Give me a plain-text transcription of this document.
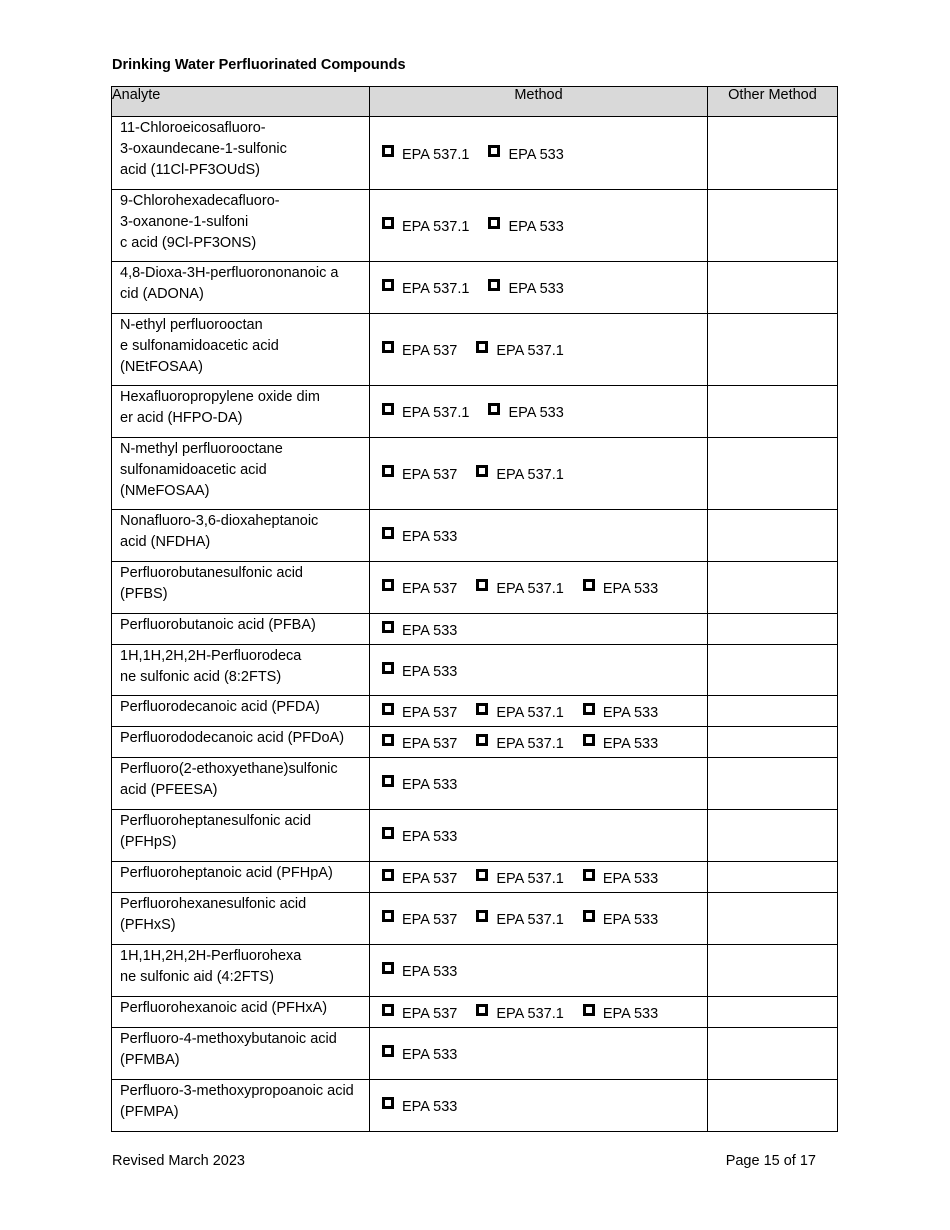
Drinking Water Perfluorinated Compounds
Analyte	Method	Other Method
11-Chloroeicosafluoro-
3-oxaundecane-1-sulfonic
acid (11Cl-PF3OUdS)	EPA 537.1 EPA 533	

9-Chlorohexadecafluoro-
3-oxanone-1-sulfoni
c acid (9Cl-PF3ONS)	EPA 537.1 EPA 533	

4,8-Dioxa-3H-perfluorononanoic a
cid (ADONA)	EPA 537.1 EPA 533	

N-ethyl perfluorooctan
e sulfonamidoacetic acid
(NEtFOSAA)	EPA 537 EPA 537.1	

Hexafluoropropylene oxide dim
er acid (HFPO-DA)	EPA 537.1 EPA 533	

N-methyl perfluorooctane
sulfonamidoacetic acid
(NMeFOSAA)	EPA 537 EPA 537.1	

Nonafluoro-3,6-dioxaheptanoic
acid (NFDHA)	EPA 533	

Perfluorobutanesulfonic acid
(PFBS)	EPA 537 EPA 537.1 EPA 533	

Perfluorobutanoic acid (PFBA)	EPA 533	

1H,1H,2H,2H-Perfluorodeca
ne sulfonic acid (8:2FTS)	EPA 533	

Perfluorodecanoic acid (PFDA)	EPA 537 EPA 537.1 EPA 533	

Perfluorododecanoic acid (PFDoA)	EPA 537 EPA 537.1 EPA 533	

Perfluoro(2-ethoxyethane)sulfonic
acid (PFEESA)	EPA 533	

Perfluoroheptanesulfonic acid
(PFHpS)	EPA 533	

Perfluoroheptanoic acid (PFHpA)	EPA 537 EPA 537.1 EPA 533	

Perfluorohexanesulfonic acid (PFHxS)	EPA 537 EPA 537.1 EPA 533	

1H,1H,2H,2H-Perfluorohexa
ne sulfonic aid (4:2FTS)	EPA 533	

Perfluorohexanoic acid (PFHxA)	EPA 537 EPA 537.1 EPA 533	

Perfluoro-4-methoxybutanoic acid
(PFMBA)	EPA 533	

Perfluoro-3-methoxypropoanoic acid
(PFMPA)	EPA 533	

Revised March 2023	Page 15 of 17
